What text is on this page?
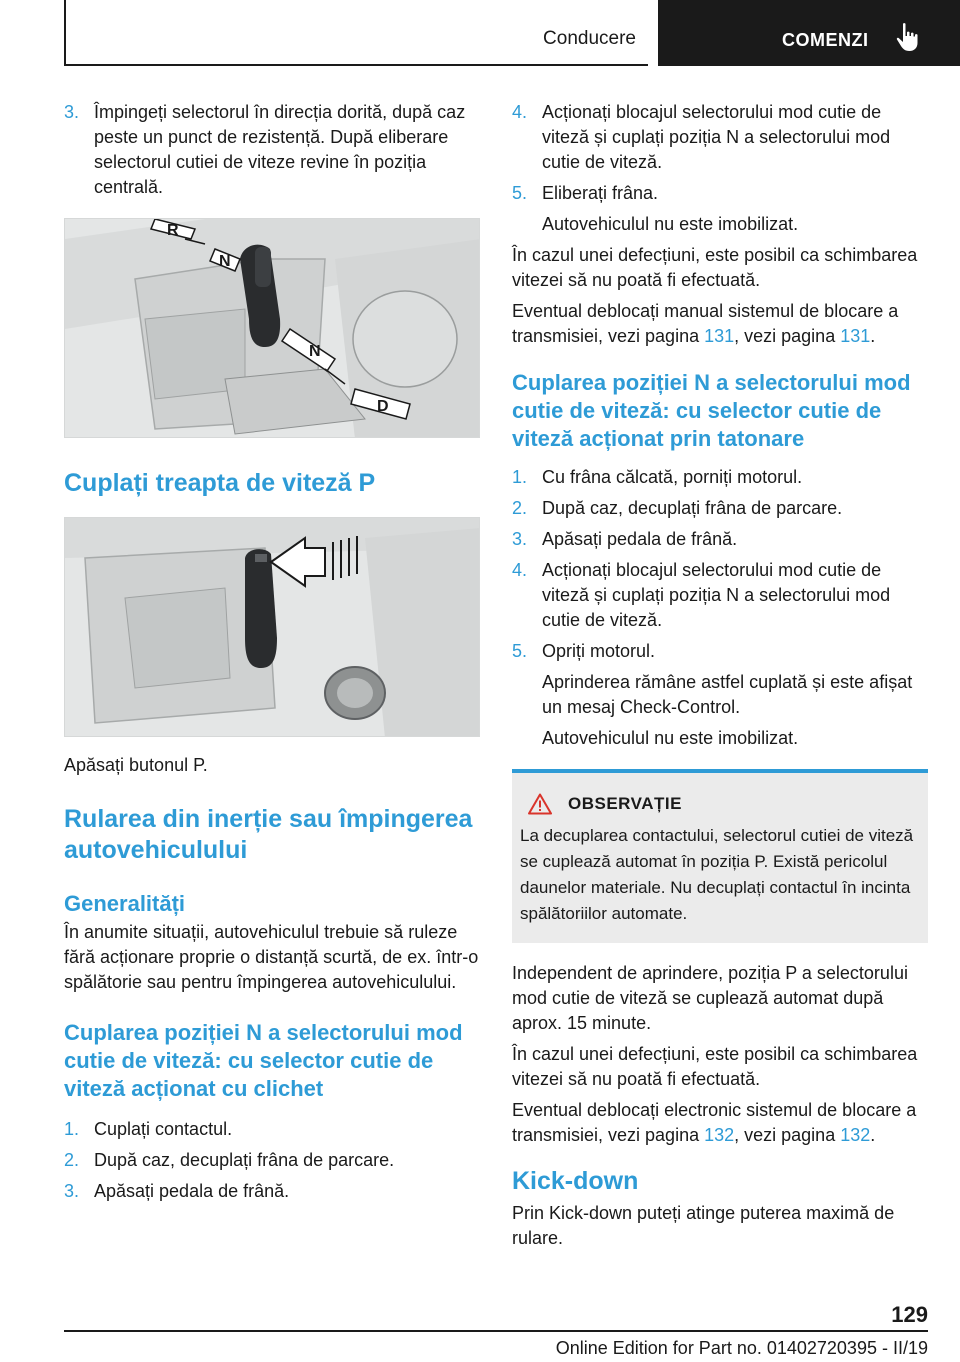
Conducere	COMENZI
3. Împingeți selectorul în direcția dorită, după caz peste un punct de rezistență. După eliberare selectorul cutiei de viteze revine în poziția centrală.
R
N
N
D
Cuplați treapta de viteză P
Apăsați butonul P.
Rularea din inerție sau împingerea autovehiculului
Generalități
În anumite situații, autovehiculul trebuie să ruleze fără acționare proprie o distanță scurtă, de ex. într-o spălătorie sau pentru împingerea autovehiculului.
Cuplarea poziției N a selectorului mod cutie de viteză: cu selector cutie de viteză acționat cu clichet
1. Cuplați contactul.
2. După caz, decuplați frâna de parcare.
3. Apăsați pedala de frână.
4. Acționați blocajul selectorului mod cutie de viteză și cuplați poziția N a selectorului mod cutie de viteză.
5. Eliberați frâna.
Autovehiculul nu este imobilizat.
În cazul unei defecțiuni, este posibil ca schimbarea vitezei să nu poată fi efectuată.
Eventual deblocați manual sistemul de blocare a transmisiei, vezi pagina 131, vezi pagina 131.
Cuplarea poziției N a selectorului mod cutie de viteză: cu selector cutie de viteză acționat prin tatonare
1. Cu frâna călcată, porniți motorul.
2. După caz, decuplați frâna de parcare.
3. Apăsați pedala de frână.
4. Acționați blocajul selectorului mod cutie de viteză și cuplați poziția N a selectorului mod cutie de viteză.
5. Opriți motorul.
Aprinderea rămâne astfel cuplată și este afișat un mesaj Check-Control.
Autovehiculul nu este imobilizat.
OBSERVAȚIE
La decuplarea contactului, selectorul cutiei de viteză se cuplează automat în poziția P. Există pericolul daunelor materiale. Nu decuplați contactul în incinta spălătoriilor automate.
Independent de aprindere, poziția P a selectorului mod cutie de viteză se cuplează automat după aprox. 15 minute.
În cazul unei defecțiuni, este posibil ca schimbarea vitezei să nu poată fi efectuată.
Eventual deblocați electronic sistemul de blocare a transmisiei, vezi pagina 132, vezi pagina 132.
Kick-down
Prin Kick-down puteți atinge puterea maximă de rulare.
129
Online Edition for Part no. 01402720395 - II/19
